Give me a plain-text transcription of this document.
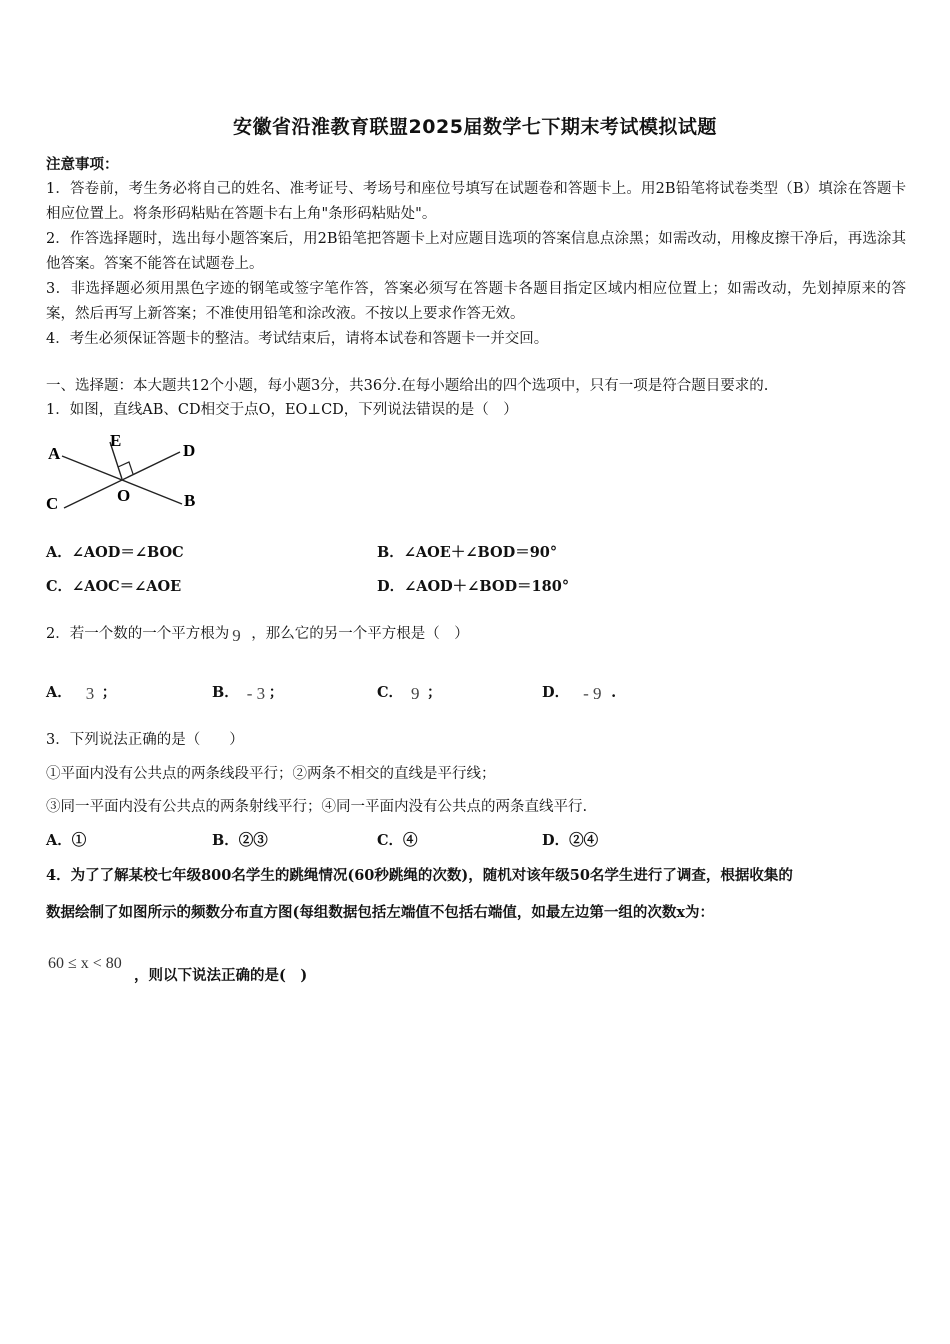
安徽省沿淮教育联盟2025届数学七下期末考试模拟试题

注意事项：

1．答卷前，考生务必将自己的姓名、准考证号、考场号和座位号填写在试题卷和答题卡上。用2B铅笔将试卷类型（B）填涂在答题卡相应位置上。将条形码粘贴在答题卡右上角"条形码粘贴处"。

2．作答选择题时，选出每小题答案后，用2B铅笔把答题卡上对应题目选项的答案信息点涂黑；如需改动，用橡皮擦干净后，再选涂其他答案。答案不能答在试题卷上。

3．非选择题必须用黑色字迹的钢笔或签字笔作答，答案必须写在答题卡各题目指定区域内相应位置上；如需改动，先划掉原来的答案，然后再写上新答案；不准使用铅笔和涂改液。不按以上要求作答无效。

4．考生必须保证答题卡的整洁。考试结束后，请将本试卷和答题卡一并交回。

一、选择题：本大题共12个小题，每小题3分，共36分.在每小题给出的四个选项中，只有一项是符合题目要求的.
1．如图，直线AB、CD相交于点O，EO⊥CD，下列说法错误的是（　）
A	D
C	B
E
O
A．∠AOD＝∠BOC	B．∠AOE＋∠BOD＝90°
C．∠AOC＝∠AOE	D．∠AOD＋∠BOD＝180°
2．若一个数的一个平方根为 9 ，那么它的另一个平方根是（　）
A． 3 ；	B． - 3 ；	C． 9 ；	D． - 9 .
3．下列说法正确的是（　　）
①平面内没有公共点的两条线段平行；②两条不相交的直线是平行线；
③同一平面内没有公共点的两条射线平行；④同一平面内没有公共点的两条直线平行.
A．①	B．②③	C．④	D．②④
4．为了了解某校七年级800名学生的跳绳情况(60秒跳绳的次数)，随机对该年级50名学生进行了调查，根据收集的
数据绘制了如图所示的频数分布直方图(每组数据包括左端值不包括右端值，如最左边第一组的次数x为：
60 ≤ x < 80
，则以下说法正确的是(　)
